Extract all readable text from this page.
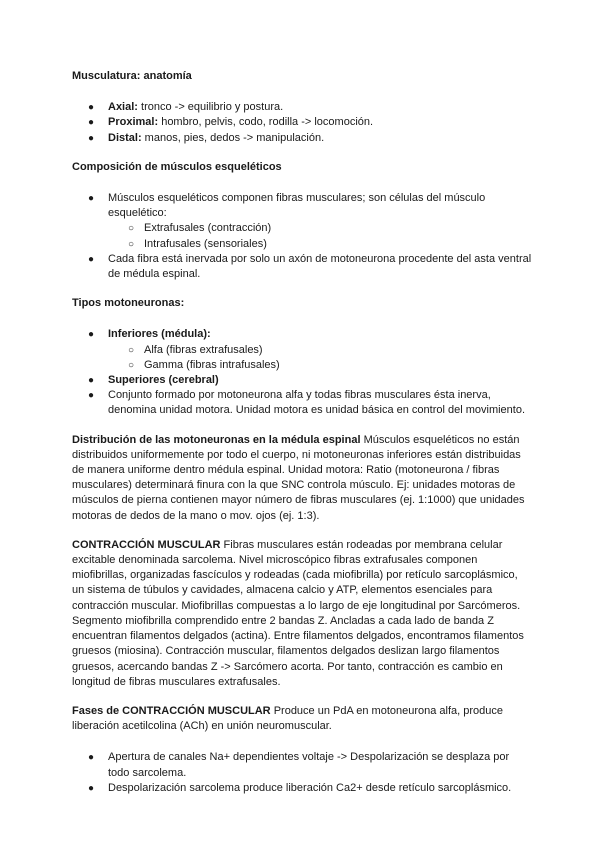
Musculatura: anatomía

● Axial: tronco -> equilibrio y postura.
● Proximal: hombro, pelvis, codo, rodilla -> locomoción.
● Distal: manos, pies, dedos -> manipulación.

Composición de músculos esqueléticos

● Músculos esqueléticos componen fibras musculares; son células del músculo esquelético:
○ Extrafusales (contracción)
○ Intrafusales (sensoriales)
● Cada fibra está inervada por solo un axón de motoneurona procedente del asta ventral de médula espinal.

Tipos motoneuronas:

● Inferiores (médula):
○ Alfa (fibras extrafusales)
○ Gamma (fibras intrafusales)
● Superiores (cerebral)
● Conjunto formado por motoneurona alfa y todas fibras musculares ésta inerva, denomina unidad motora. Unidad motora es unidad básica en control del movimiento.

Distribución de las motoneuronas en la médula espinal Músculos esqueléticos no están distribuidos uniformemente por todo el cuerpo, ni motoneuronas inferiores están distribuidas de manera uniforme dentro médula espinal. Unidad motora: Ratio (motoneurona / fibras musculares) determinará finura con la que SNC controla músculo. Ej: unidades motoras de músculos de pierna contienen mayor número de fibras musculares (ej. 1:1000) que unidades motoras de dedos de la mano o mov. ojos (ej. 1:3).

CONTRACCIÓN MUSCULAR Fibras musculares están rodeadas por membrana celular excitable denominada sarcolema. Nivel microscópico fibras extrafusales componen miofibrillas, organizadas fascículos y rodeadas (cada miofibrilla) por retículo sarcoplásmico, un sistema de túbulos y cavidades, almacena calcio y ATP, elementos esenciales para contracción muscular. Miofibrillas compuestas a lo largo de eje longitudinal por Sarcómeros. Segmento miofibrilla comprendido entre 2 bandas Z. Ancladas a cada lado de banda Z encuentran filamentos delgados (actina). Entre filamentos delgados, encontramos filamentos gruesos (miosina). Contracción muscular, filamentos delgados deslizan largo filamentos gruesos, acercando bandas Z -> Sarcómero acorta. Por tanto, contracción es cambio en longitud de fibras musculares extrafusales.

Fases de CONTRACCIÓN MUSCULAR Produce un PdA en motoneurona alfa, produce liberación acetilcolina (ACh) en unión neuromuscular.

● Apertura de canales Na+ dependientes voltaje -> Despolarización se desplaza por todo sarcolema.
● Despolarización sarcolema produce liberación Ca2+ desde retículo sarcoplásmico.
